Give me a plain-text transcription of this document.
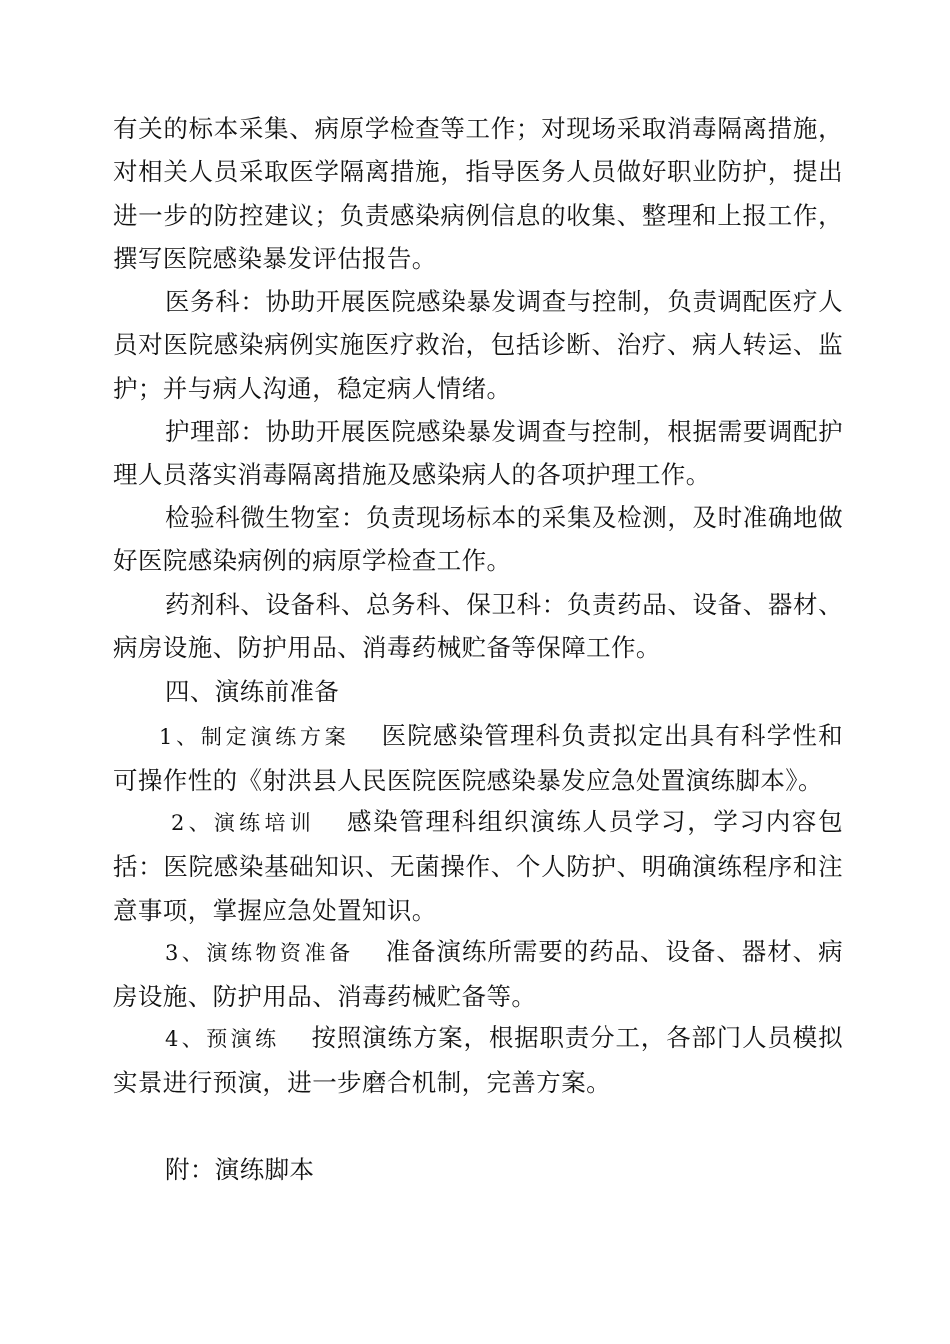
有关的标本采集、病原学检查等工作；对现场采取消毒隔离措施，对相关人员采取医学隔离措施，指导医务人员做好职业防护，提出进一步的防控建议；负责感染病例信息的收集、整理和上报工作，撰写医院感染暴发评估报告。

医务科：协助开展医院感染暴发调查与控制，负责调配医疗人员对医院感染病例实施医疗救治，包括诊断、治疗、病人转运、监护；并与病人沟通，稳定病人情绪。

护理部：协助开展医院感染暴发调查与控制，根据需要调配护理人员落实消毒隔离措施及感染病人的各项护理工作。

检验科微生物室：负责现场标本的采集及检测，及时准确地做好医院感染病例的病原学检查工作。

药剂科、设备科、总务科、保卫科：负责药品、设备、器材、病房设施、防护用品、消毒药械贮备等保障工作。

四、演练前准备

1、制定演练方案 医院感染管理科负责拟定出具有科学性和可操作性的《射洪县人民医院医院感染暴发应急处置演练脚本》。

2、演练培训 感染管理科组织演练人员学习，学习内容包括：医院感染基础知识、无菌操作、个人防护、明确演练程序和注意事项，掌握应急处置知识。

3、演练物资准备 准备演练所需要的药品、设备、器材、病房设施、防护用品、消毒药械贮备等。

4、预演练 按照演练方案，根据职责分工，各部门人员模拟实景进行预演，进一步磨合机制，完善方案。

附：演练脚本
